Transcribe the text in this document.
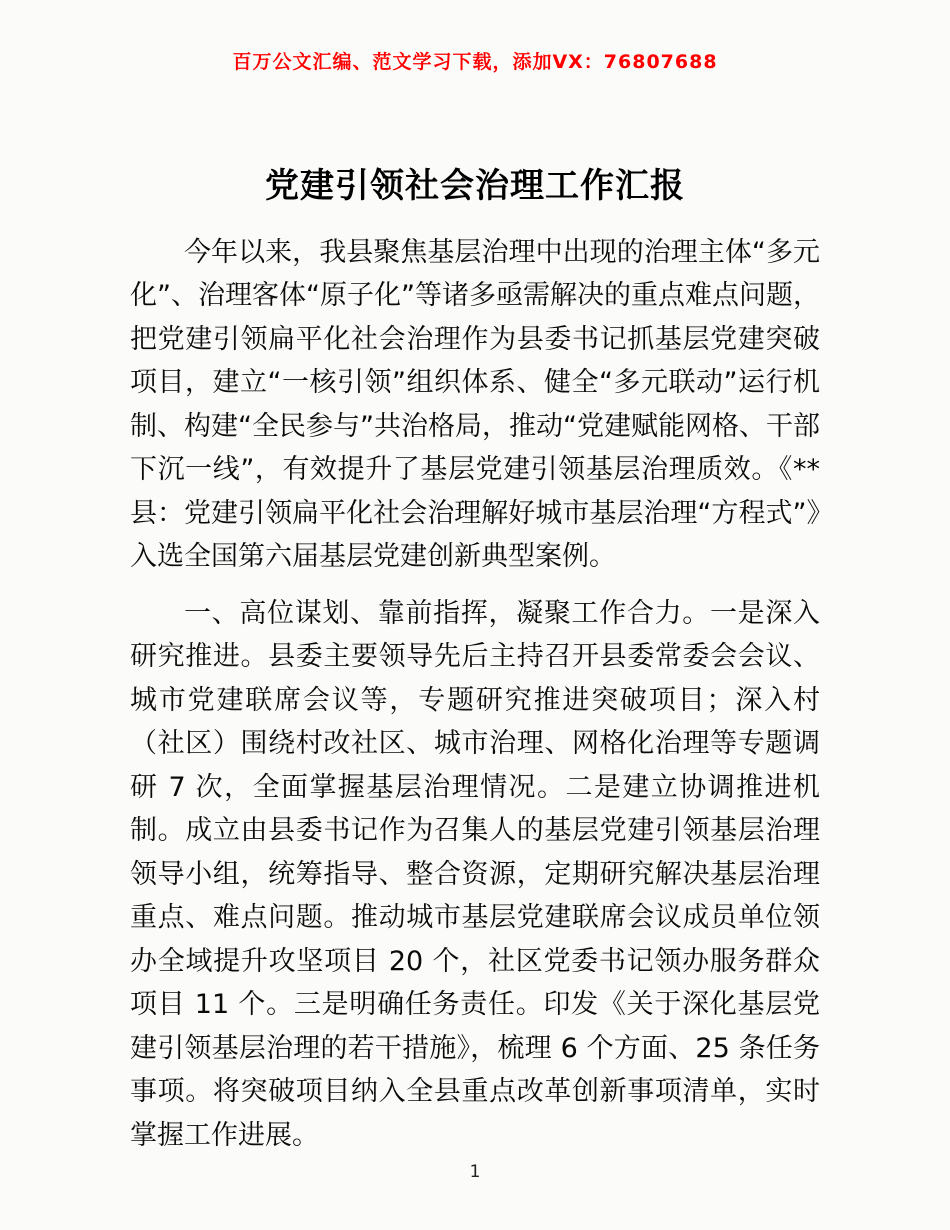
百万公文汇编、范文学习下载，添加VX：76807688
党建引领社会治理工作汇报

今年以来，我县聚焦基层治理中出现的治理主体“多元化”、治理客体“原子化”等诸多亟需解决的重点难点问题，把党建引领扁平化社会治理作为县委书记抓基层党建突破项目，建立“一核引领”组织体系、健全“多元联动”运行机制、构建“全民参与”共治格局，推动“党建赋能网格、干部下沉一线”，有效提升了基层党建引领基层治理质效。《**县：党建引领扁平化社会治理解好城市基层治理“方程式”》入选全国第六届基层党建创新典型案例。

一、高位谋划、靠前指挥，凝聚工作合力。一是深入研究推进。县委主要领导先后主持召开县委常委会会议、城市党建联席会议等，专题研究推进突破项目；深入村（社区）围绕村改社区、城市治理、网格化治理等专题调研 7 次，全面掌握基层治理情况。二是建立协调推进机制。成立由县委书记作为召集人的基层党建引领基层治理领导小组，统筹指导、整合资源，定期研究解决基层治理重点、难点问题。推动城市基层党建联席会议成员单位领办全域提升攻坚项目 20 个，社区党委书记领办服务群众项目 11 个。三是明确任务责任。印发《关于深化基层党建引领基层治理的若干措施》，梳理 6 个方面、25 条任务事项。将突破项目纳入全县重点改革创新事项清单，实时掌握工作进展。

1
